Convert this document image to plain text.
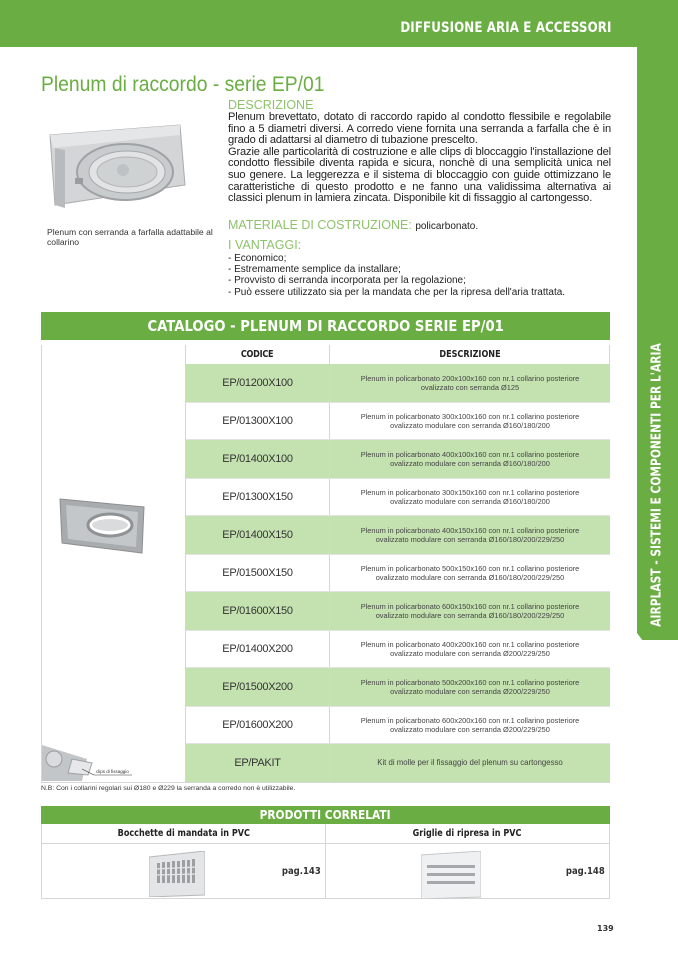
DIFFUSIONE ARIA E ACCESSORI
AIRPLAST - SISTEMI E COMPONENTI PER L'ARIA
Plenum di raccordo - serie EP/01
Plenum con serranda a farfalla adattabile al collarino
DESCRIZIONE

Plenum brevettato, dotato di raccordo rapido al condotto flessibile e regolabile fino a 5 diametri diversi. A corredo viene fornita una serranda a farfalla che è in grado di adattarsi al diametro di tubazione prescelto.

Grazie alle particolarità di costruzione e alle clips di bloccaggio l'installazione del condotto flessibile diventa rapida e sicura, nonchè di una semplicità unica nel suo genere. La leggerezza e il sistema di bloccaggio con guide ottimizzano le caratteristiche di questo prodotto e ne fanno una validissima alternativa ai classici plenum in lamiera zincata. Disponibile kit di fissaggio al cartongesso.

MATERIALE DI COSTRUZIONE: policarbonato.
I VANTAGGI:
- Economico;
- Estremamente semplice da installare;
- Provvisto di serranda incorporata per la regolazione;
- Può essere utilizzato sia per la mandata che per la ripresa dell'aria trattata.
CATALOGO - PLENUM DI RACCORDO SERIE EP/01
clips di fissaggio
CODICE	DESCRIZIONE
EP/01200X100	Plenum in policarbonato 200x100x160 con nr.1 collarino posteriore
ovalizzato con serranda Ø125
EP/01300X100	Plenum in policarbonato 300x100x160 con nr.1 collarino posteriore
ovalizzato modulare con serranda Ø160/180/200
EP/01400X100	Plenum in policarbonato 400x100x160 con nr.1 collarino posteriore
ovalizzato modulare con serranda Ø160/180/200
EP/01300X150	Plenum in policarbonato 300x150x160 con nr.1 collarino posteriore
ovalizzato modulare con serranda Ø160/180/200
EP/01400X150	Plenum in policarbonato 400x150x160 con nr.1 collarino posteriore
ovalizzato modulare con serranda Ø160/180/200/229/250
EP/01500X150	Plenum in policarbonato 500x150x160 con nr.1 collarino posteriore
ovalizzato modulare con serranda Ø160/180/200/229/250
EP/01600X150	Plenum in policarbonato 600x150x160 con nr.1 collarino posteriore
ovalizzato modulare con serranda Ø160/180/200/229/250
EP/01400X200	Plenum in policarbonato 400x200x160 con nr.1 collarino posteriore
ovalizzato modulare con serranda Ø200/229/250
EP/01500X200	Plenum in policarbonato 500x200x160 con nr.1 collarino posteriore
ovalizzato modulare con serranda Ø200/229/250
EP/01600X200	Plenum in policarbonato 600x200x160 con nr.1 collarino posteriore
ovalizzato modulare con serranda Ø200/229/250
EP/PAKIT	Kit di molle per il fissaggio del plenum su cartongesso
N.B: Con i collarini regolari sui Ø180 e Ø229 la serranda a corredo non è utilizzabile.
PRODOTTI CORRELATI
Bocchette di mandata in PVC
pag.143
Griglie di ripresa in PVC
pag.148
139
